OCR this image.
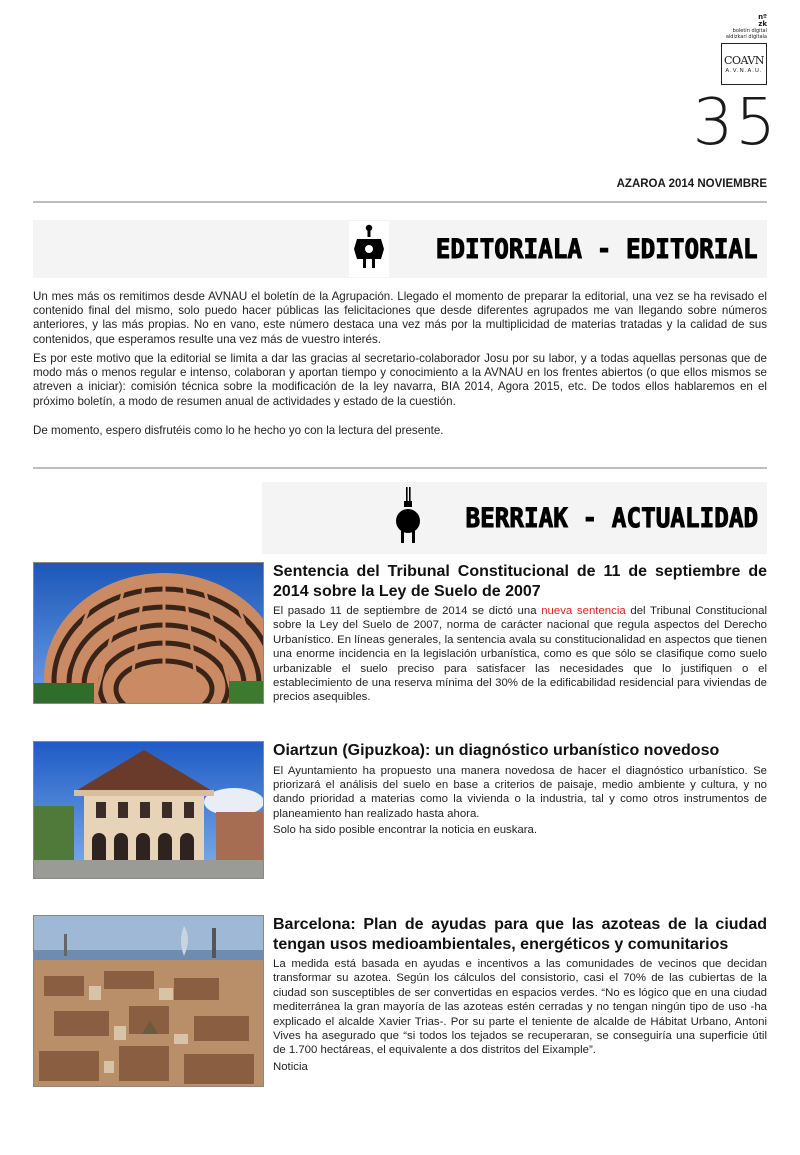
nº
zk
boletín digital
aldizkari digitala
COAVN
A.V.N.A.U.
35
AZAROA 2014 NOVIEMBRE
EDITORIALA - EDITORIAL

Un mes más os remitimos desde AVNAU el boletín de la Agrupación. Llegado el momento de preparar la editorial, una vez se ha revisado el contenido final del mismo, solo puedo hacer públicas las felicitaciones que desde diferentes agrupados me van llegando sobre números anteriores, y las más propias. No en vano, este número destaca una vez más por la multiplicidad de materias tratadas y la calidad de sus contenidos, que esperamos resulte una vez más de vuestro interés.

Es por este motivo que la editorial se limita a dar las gracias al secretario-colaborador Josu por su labor, y a todas aquellas personas que de modo más o menos regular e intenso, colaboran y aportan tiempo y conocimiento a la AVNAU en los frentes abiertos (o que ellos mismos se atreven a iniciar): comisión técnica sobre la modificación de la ley navarra, BIA 2014, Agora 2015, etc. De todos ellos hablaremos en el próximo boletín, a modo de resumen anual de actividades y estado de la cuestión.

De momento, espero disfrutéis como lo he hecho yo con la lectura del presente.

BERRIAK - ACTUALIDAD
Sentencia del Tribunal Constitucional de 11 de septiembre de 2014 sobre la Ley de Suelo de 2007

El pasado 11 de septiembre de 2014 se dictó una nueva sentencia del Tribunal Constitucional sobre la Ley del Suelo de 2007, norma de carácter nacional que regula aspectos del Derecho Urbanístico. En líneas generales, la sentencia avala su constitucionalidad en aspectos que tienen una enorme incidencia en la legislación urbanística, como es que sólo se clasifique como suelo urbanizable el suelo preciso para satisfacer las necesidades que lo justifiquen o el establecimiento de una reserva mínima del 30% de la edificabilidad residencial para viviendas de precios asequibles.

Oiartzun (Gipuzkoa): un diagnóstico urbanístico novedoso

El Ayuntamiento ha propuesto una manera novedosa de hacer el diagnóstico urbanístico. Se priorizará el análisis del suelo en base a criterios de paisaje, medio ambiente y cultura, y no dando prioridad a materias como la vivienda o la industria, tal y como otros instrumentos de planeamiento han realizado hasta ahora.

Solo ha sido posible encontrar la noticia en euskara.

Barcelona: Plan de ayudas para que las azoteas de la ciudad tengan usos medioambientales, energéticos y comunitarios

La medida está basada en ayudas e incentivos a las comunidades de vecinos que decidan transformar su azotea. Según los cálculos del consistorio, casi el 70% de las cubiertas de la ciudad son susceptibles de ser convertidas en espacios verdes. “No es lógico que en una ciudad mediterránea la gran mayoría de las azoteas estén cerradas y no tengan ningún tipo de uso -ha explicado el alcalde Xavier Trias-. Por su parte el teniente de alcalde de Hábitat Urbano, Antoni Vives ha asegurado que “si todos los tejados se recuperaran, se conseguiría una superficie útil de 1.700 hectáreas, el equivalente a dos distritos del Eixample”.

Noticia
